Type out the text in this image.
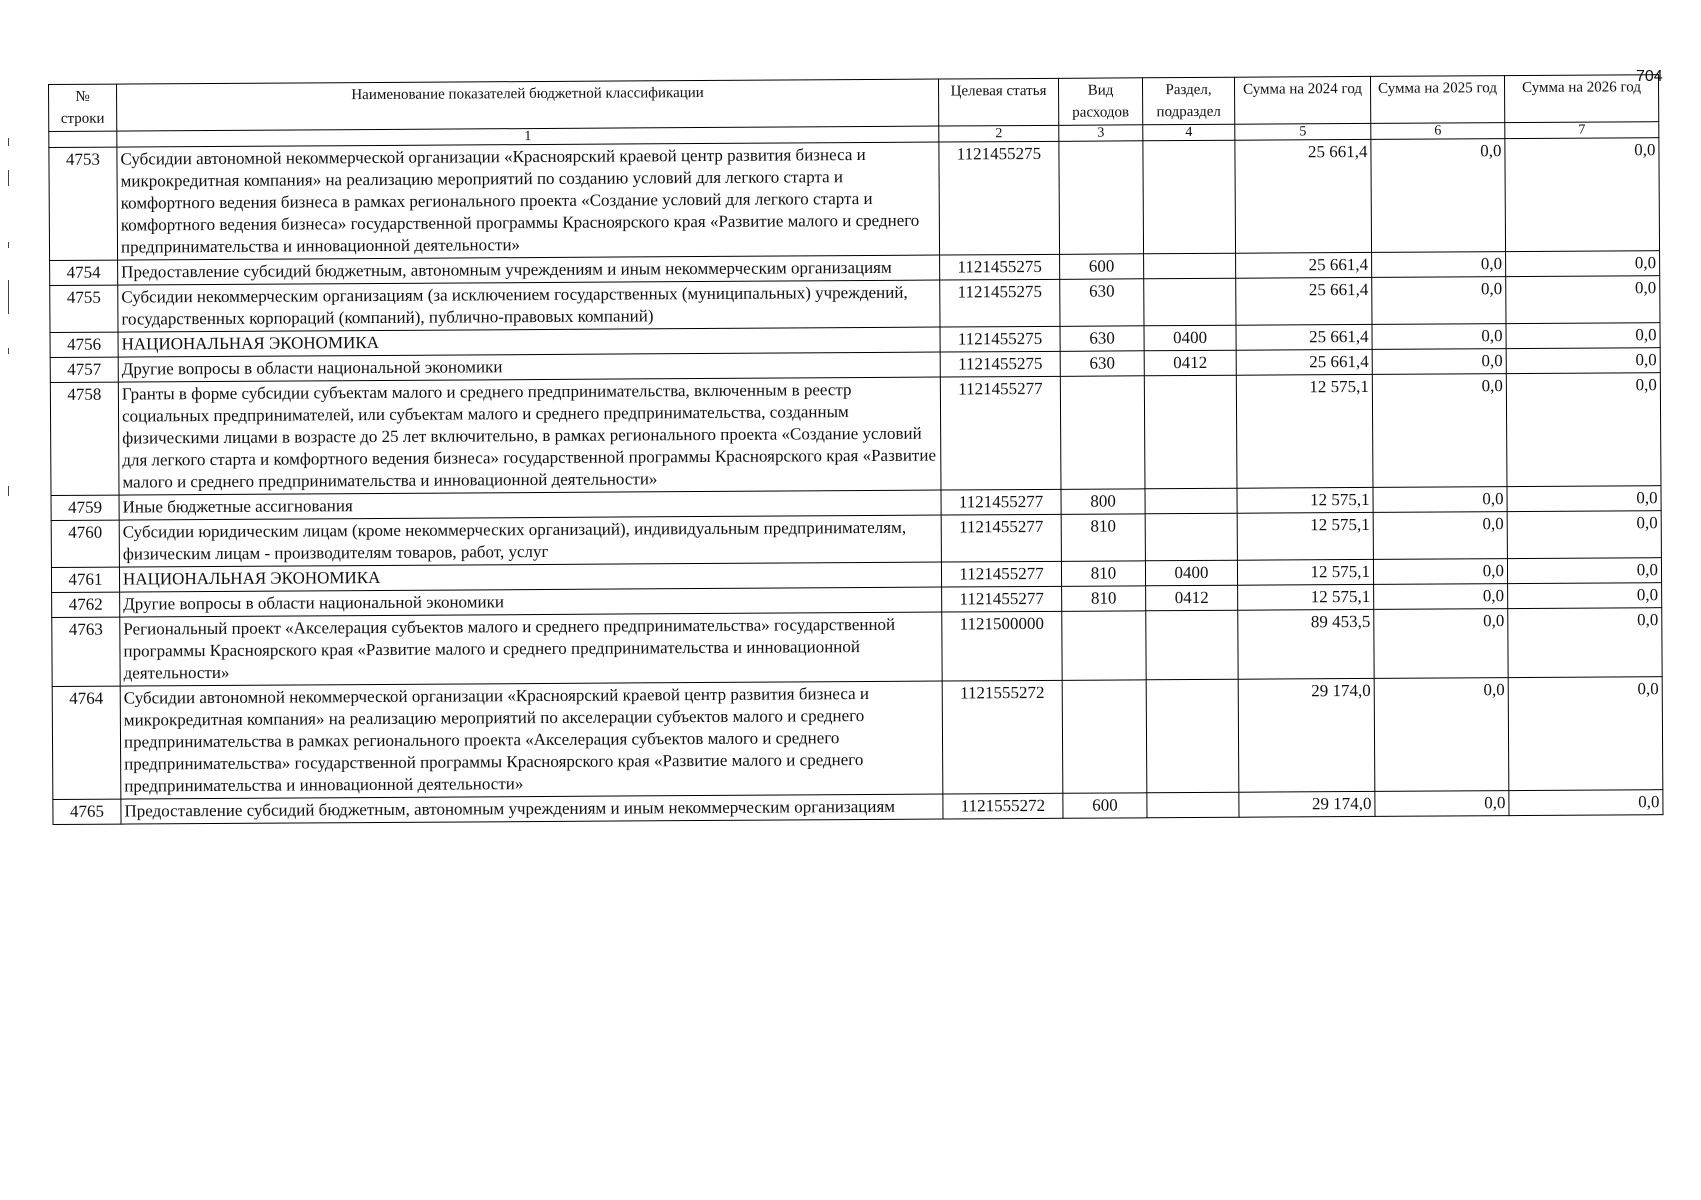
704
№ строки	Наименование показателей бюджетной классификации	Целевая статья	Вид расходов	Раздел, подраздел	Сумма на 2024 год	Сумма на 2025 год	Сумма на 2026 год
	1	2	3	4	5	6	7
4753	Субсидии автономной некоммерческой организации «Красноярский краевой центр развития бизнеса и микрокредитная компания» на реализацию мероприятий по созданию условий для легкого старта и комфортного ведения бизнеса в рамках регионального проекта «Создание условий для легкого старта и комфортного ведения бизнеса» государственной программы Красноярского края «Развитие малого и среднего предпринимательства и инновационной деятельности»	1121455275			25 661,4	0,0	0,0
4754	Предоставление субсидий бюджетным, автономным учреждениям и иным некоммерческим организациям	1121455275	600		25 661,4	0,0	0,0
4755	Субсидии некоммерческим организациям (за исключением государственных (муниципальных) учреждений, государственных корпораций (компаний), публично-правовых компаний)	1121455275	630		25 661,4	0,0	0,0
4756	НАЦИОНАЛЬНАЯ ЭКОНОМИКА	1121455275	630	0400	25 661,4	0,0	0,0
4757	Другие вопросы в области национальной экономики	1121455275	630	0412	25 661,4	0,0	0,0
4758	Гранты в форме субсидии субъектам малого и среднего предпринимательства, включенным в реестр социальных предпринимателей, или субъектам малого и среднего предпринимательства, созданным физическими лицами в возрасте до 25 лет включительно, в рамках регионального проекта «Создание условий для легкого старта и комфортного ведения бизнеса» государственной программы Красноярского края «Развитие малого и среднего предпринимательства и инновационной деятельности»	1121455277			12 575,1	0,0	0,0
4759	Иные бюджетные ассигнования	1121455277	800		12 575,1	0,0	0,0
4760	Субсидии юридическим лицам (кроме некоммерческих организаций), индивидуальным предпринимателям, физическим лицам - производителям товаров, работ, услуг	1121455277	810		12 575,1	0,0	0,0
4761	НАЦИОНАЛЬНАЯ ЭКОНОМИКА	1121455277	810	0400	12 575,1	0,0	0,0
4762	Другие вопросы в области национальной экономики	1121455277	810	0412	12 575,1	0,0	0,0
4763	Региональный проект «Акселерация субъектов малого и среднего предпринимательства» государственной программы Красноярского края «Развитие малого и среднего предпринимательства и инновационной деятельности»	1121500000			89 453,5	0,0	0,0
4764	Субсидии автономной некоммерческой организации «Красноярский краевой центр развития бизнеса и микрокредитная компания» на реализацию мероприятий по акселерации субъектов малого и среднего предпринимательства в рамках регионального проекта «Акселерация субъектов малого и среднего предпринимательства» государственной программы Красноярского края «Развитие малого и среднего предпринимательства и инновационной деятельности»	1121555272			29 174,0	0,0	0,0
4765	Предоставление субсидий бюджетным, автономным учреждениям и иным некоммерческим организациям	1121555272	600		29 174,0	0,0	0,0
